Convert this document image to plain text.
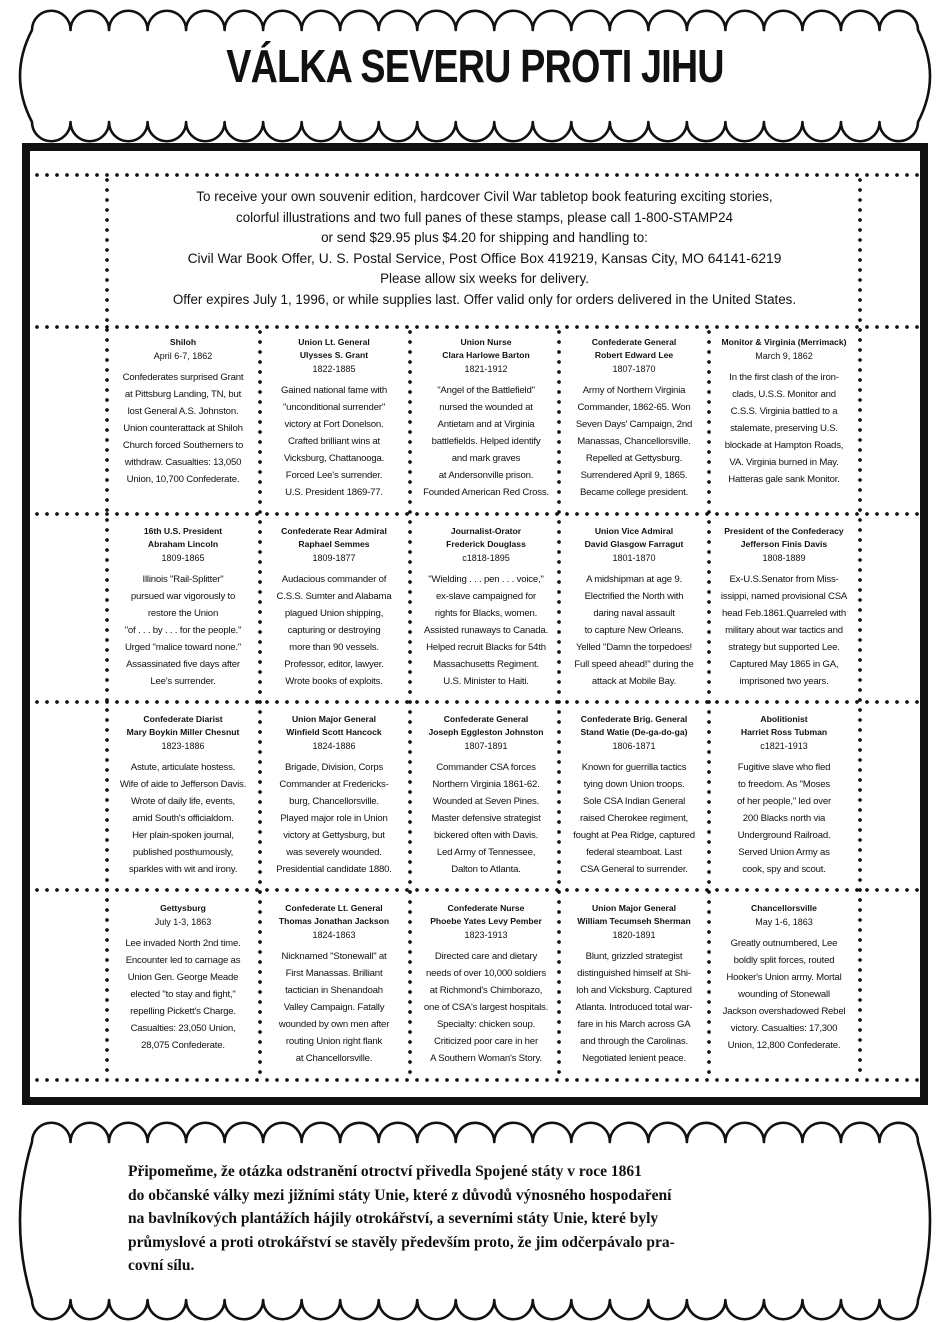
VÁLKA SEVERU PROTI JIHU
To receive your own souvenir edition, hardcover Civil War tabletop book featuring exciting stories,
colorful illustrations and two full panes of these stamps, please call 1-800-STAMP24
or send $29.95 plus $4.20 for shipping and handling to:
Civil War Book Offer, U. S. Postal Service, Post Office Box 419219, Kansas City, MO 64141-6219
Please allow six weeks for delivery.
Offer expires July 1, 1996, or while supplies last. Offer valid only for orders delivered in the United States.
Shiloh
April 6-7, 1862
Confederates surprised Grant
at Pittsburg Landing, TN, but
lost General A.S. Johnston.
Union counterattack at Shiloh
Church forced Southerners to
withdraw. Casualties: 13,050
Union, 10,700 Confederate.
Union Lt. General
Ulysses S. Grant
1822-1885
Gained national fame with
"unconditional surrender"
victory at Fort Donelson.
Crafted brilliant wins at
Vicksburg, Chattanooga.
Forced Lee's surrender.
U.S. President 1869-77.
Union Nurse
Clara Harlowe Barton
1821-1912
"Angel of the Battlefield"
nursed the wounded at
Antietam and at Virginia
battlefields. Helped identify
and mark graves
at Andersonville prison.
Founded American Red Cross.
Confederate General
Robert Edward Lee
1807-1870
Army of Northern Virginia
Commander, 1862-65. Won
Seven Days' Campaign, 2nd
Manassas, Chancellorsville.
Repelled at Gettysburg.
Surrendered April 9, 1865.
Became college president.
Monitor & Virginia (Merrimack)
March 9, 1862
In the first clash of the iron-
clads, U.S.S. Monitor and
C.S.S. Virginia battled to a
stalemate, preserving U.S.
blockade at Hampton Roads,
VA. Virginia burned in May.
Hatteras gale sank Monitor.
16th U.S. President
Abraham Lincoln
1809-1865
Illinois "Rail-Splitter"
pursued war vigorously to
restore the Union
"of . . . by . . . for the people."
Urged "malice toward none."
Assassinated five days after
Lee's surrender.
Confederate Rear Admiral
Raphael Semmes
1809-1877
Audacious commander of
C.S.S. Sumter and Alabama
plagued Union shipping,
capturing or destroying
more than 90 vessels.
Professor, editor, lawyer.
Wrote books of exploits.
Journalist-Orator
Frederick Douglass
c1818-1895
"Wielding . . . pen . . . voice,"
ex-slave campaigned for
rights for Blacks, women.
Assisted runaways to Canada.
Helped recruit Blacks for 54th
Massachusetts Regiment.
U.S. Minister to Haiti.
Union Vice Admiral
David Glasgow Farragut
1801-1870
A midshipman at age 9.
Electrified the North with
daring naval assault
to capture New Orleans.
Yelled "Damn the torpedoes!
Full speed ahead!" during the
attack at Mobile Bay.
President of the Confederacy
Jefferson Finis Davis
1808-1889
Ex-U.S.Senator from Miss-
issippi, named provisional CSA
head Feb.1861.Quarreled with
military about war tactics and
strategy but supported Lee.
Captured May 1865 in GA,
imprisoned two years.
Confederate Diarist
Mary Boykin Miller Chesnut
1823-1886
Astute, articulate hostess.
Wife of aide to Jefferson Davis.
Wrote of daily life, events,
amid South's officialdom.
Her plain-spoken journal,
published posthumously,
sparkles with wit and irony.
Union Major General
Winfield Scott Hancock
1824-1886
Brigade, Division, Corps
Commander at Fredericks-
burg, Chancellorsville.
Played major role in Union
victory at Gettysburg, but
was severely wounded.
Presidential candidate 1880.
Confederate General
Joseph Eggleston Johnston
1807-1891
Commander CSA forces
Northern Virginia 1861-62.
Wounded at Seven Pines.
Master defensive strategist
bickered often with Davis.
Led Army of Tennessee,
Dalton to Atlanta.
Confederate Brig. General
Stand Watie (De-ga-do-ga)
1806-1871
Known for guerrilla tactics
tying down Union troops.
Sole CSA Indian General
raised Cherokee regiment,
fought at Pea Ridge, captured
federal steamboat. Last
CSA General to surrender.
Abolitionist
Harriet Ross Tubman
c1821-1913
Fugitive slave who fled
to freedom. As "Moses
of her people," led over
200 Blacks north via
Underground Railroad.
Served Union Army as
cook, spy and scout.
Gettysburg
July 1-3, 1863
Lee invaded North 2nd time.
Encounter led to carnage as
Union Gen. George Meade
elected "to stay and fight,"
repelling Pickett's Charge.
Casualties: 23,050 Union,
28,075 Confederate.
Confederate Lt. General
Thomas Jonathan Jackson
1824-1863
Nicknamed "Stonewall" at
First Manassas. Brilliant
tactician in Shenandoah
Valley Campaign. Fatally
wounded by own men after
routing Union right flank
at Chancellorsville.
Confederate Nurse
Phoebe Yates Levy Pember
1823-1913
Directed care and dietary
needs of over 10,000 soldiers
at Richmond's Chimborazo,
one of CSA's largest hospitals.
Specialty: chicken soup.
Criticized poor care in her
A Southern Woman's Story.
Union Major General
William Tecumseh Sherman
1820-1891
Blunt, grizzled strategist
distinguished himself at Shi-
loh and Vicksburg. Captured
Atlanta. Introduced total war-
fare in his March across GA
and through the Carolinas.
Negotiated lenient peace.
Chancellorsville
May 1-6, 1863
Greatly outnumbered, Lee
boldly split forces, routed
Hooker's Union army. Mortal
wounding of Stonewall
Jackson overshadowed Rebel
victory. Casualties: 17,300
Union, 12,800 Confederate.
Připomeňme, že otázka odstranění otroctví přivedla Spojené státy v roce 1861
do občanské války mezi jižními státy Unie, které z důvodů výnosného hospodaření
na bavlníkových plantážích hájily otrokářství, a severními státy Unie, které byly
průmyslové a proti otrokářství se stavěly především proto, že jim odčerpávalo pra-
covní sílu.
